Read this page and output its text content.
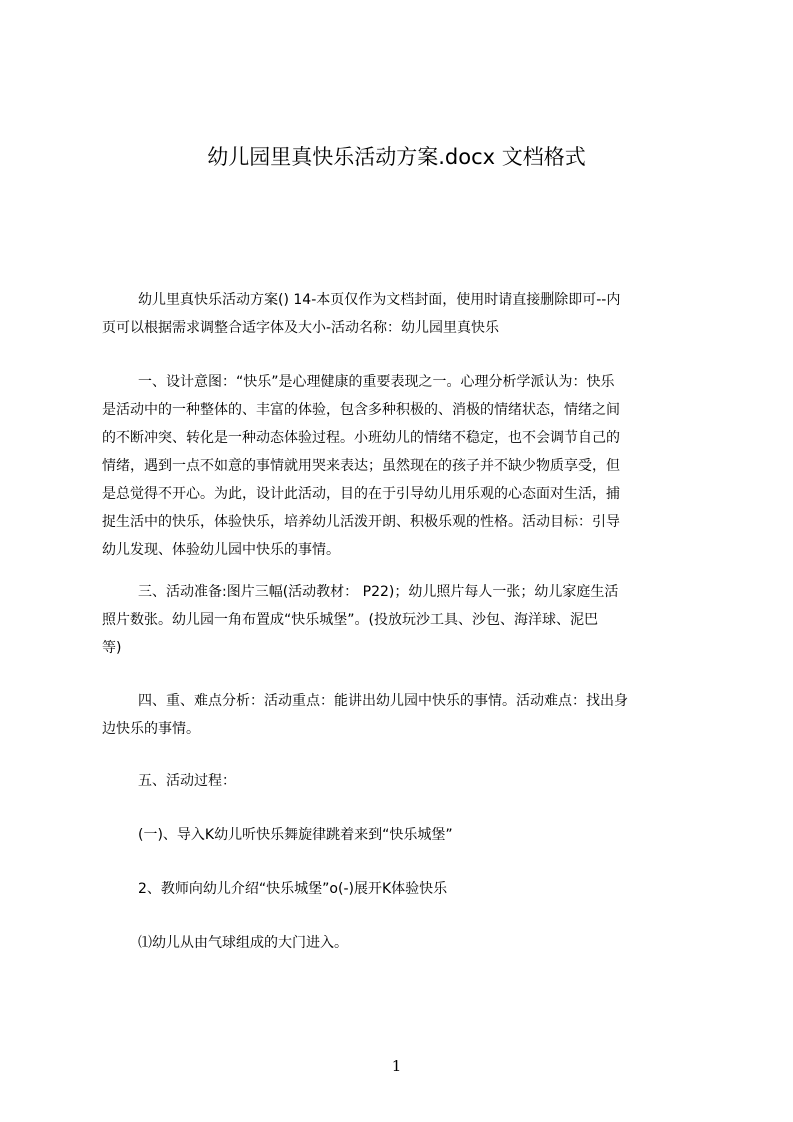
幼儿园里真快乐活动方案.docx 文档格式
幼儿里真快乐活动方案() 14-本页仅作为文档封面，使用时请直接删除即可--内
页可以根据需求调整合适字体及大小-活动名称：幼儿园里真快乐
一、设计意图：“快乐”是心理健康的重要表现之一。心理分析学派认为：快乐
是活动中的一种整体的、丰富的体验，包含多种积极的、消极的情绪状态，情绪之间
的不断冲突、转化是一种动态体验过程。小班幼儿的情绪不稳定，也不会调节自己的
情绪，遇到一点不如意的事情就用哭来表达；虽然现在的孩子并不缺少物质享受，但
是总觉得不开心。为此，设计此活动，目的在于引导幼儿用乐观的心态面对生活，捕
捉生活中的快乐，体验快乐，培养幼儿活泼开朗、积极乐观的性格。活动目标：引导
幼儿发现、体验幼儿园中快乐的事情。
三、活动准备:图片三幅(活动教材： P22)；幼儿照片每人一张；幼儿家庭生活
照片数张。幼儿园一角布置成“快乐城堡”。(投放玩沙工具、沙包、海洋球、泥巴
等)
四、重、难点分析：活动重点：能讲出幼儿园中快乐的事情。活动难点：找出身
边快乐的事情。
五、活动过程：
(一)、导入K幼儿听快乐舞旋律跳着来到“快乐城堡”
2、教师向幼儿介绍“快乐城堡”o(-)展开K体验快乐
⑴幼儿从由气球组成的大门进入。
1
